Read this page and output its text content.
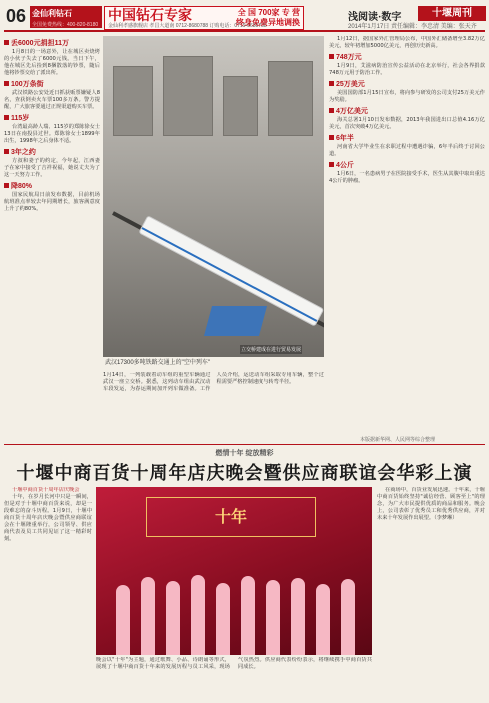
06 金仙利钻石
全国免费热线：400-820-8180
中国钻石专家	全 国 700家 专 营
终身免费异地调换
金仙利孝感旗舰店 孝昌大道南 0712-8680788 订购电话：0719-8680788
浅阅读·数字
2014年1月17日 责任编辑：李忠清 美编：张天齐
十堰周刊
丢6000元捐担11万

1月8日的一场意外，让在城区卖烧烤的小伙子失去了6000元钱。当日下午，他在城区先后捡到8捆散落的钞票，随后他将钞票交给了派出所。

100万条街

武汉铁路公安处近日抓获贩票嫌疑人8名，查获倒卖火车票100多万条。警方提醒，广大旅客要通过正规渠道购买车票。

115岁

台湾最高龄人瑞、115岁的郑陈徐女士13日在南投县过世。郑陈徐女士1899年出生，1998年之后身体不适。

3年之约

方叔和妻子的约定，今年起，江西妻子在家中接受了吉祥祝福，她说丈夫为了这一天努力工作。

降80%

国家民航局日前发布数据，目前机场航班准点率较去年同期增长，旅客满意度上升了约80%。

立交桥建成在进行贸易发展
武汉17300多吨铁路交通上的"空中列车"
1月14日，一列装载着动车组的重型车辆通过武汉一座立交桥。据悉，这列动车组由武汉动车段发运，为春运期间加开列车做准备。工作人员介绍，运送动车组采取专用车辆，整个过程需要严格控制速度与转弯半径。

1月12日，据国家外汇管理局公布，中国外汇储备增至3.82万亿美元，较年初增加5000亿美元，再创历史新高。

748万元

1月9日，艾滋病防治宣传公益活动在北京举行，社会各界捐款748万元用于防治工作。

25万美元

美国国防部1月15日宣布，将向参与研发的公司支付25万美元作为奖励。

4万亿美元

海关总署1月10日发布数据，2013年我国进出口总值4.16万亿美元，首次突破4万亿美元。

6年半

河南省大学毕业生在求职过程中遭遇诈骗，6年半后终于讨回公道。

4公斤

1月6日，一名患病男子在医院接受手术，医生从其腹中取出重达4公斤的肿瘤。

本版据新华网、人民网等综合整理
燃情十年 绽放精彩
十堰中商百货十周年店庆晚会暨供应商联谊会华彩上演

十堰中商百货十周年店庆晚会

十年，在岁月长河中只是一瞬间，但是对于十堰中商百货来说，却是一段难忘的奋斗历程。1月9日，十堰中商百货十周年店庆晚会暨供应商联谊会在十堰隆重举行，公司领导、供应商代表及员工共同见证了这一精彩时刻。

十年
晚会以"十年"为主题，通过歌舞、小品、诗朗诵等形式，展现了十堰中商百货十年来的发展历程与员工风采，现场气氛热烈。供应商代表纷纷表示，将继续携手中商百货共同成长。

在商场中，百货业发展迅速。十年来，十堰中商百货始终坚持"诚信经营、顾客至上"的理念，为广大市民提供优质的商品和服务。晚会上，公司表彰了优秀员工和优秀供应商，并对未来十年发展作出展望。（李梦琳）
